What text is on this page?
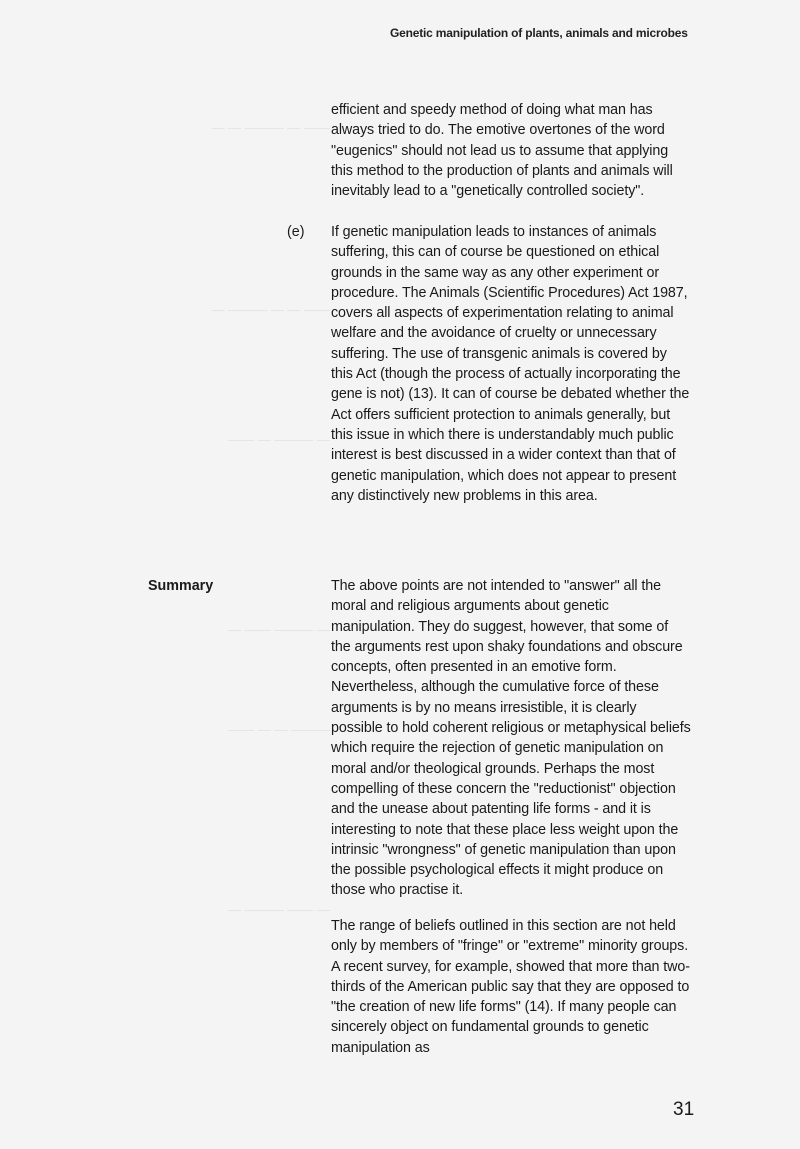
Genetic manipulation of plants, animals and microbes
— — ——— — ——
— ——— — — ——
—— — ——— —
— —— ——— —
—— — — ———
— ——— —— —

efficient and speedy method of doing what man has always tried to do. The emotive overtones of the word "eugenics" should not lead us to assume that applying this method to the production of plants and animals will inevitably lead to a "genetically controlled society".

(e) If genetic manipulation leads to instances of animals suffering, this can of course be questioned on ethical grounds in the same way as any other experiment or procedure. The Animals (Scientific Procedures) Act 1987, covers all aspects of experimentation relating to animal welfare and the avoidance of cruelty or unnecessary suffering. The use of transgenic animals is covered by this Act (though the process of actually incorporating the gene is not) (13). It can of course be debated whether the Act offers sufficient protection to animals generally, but this issue in which there is understandably much public interest is best discussed in a wider context than that of genetic manipulation, which does not appear to present any distinctively new problems in this area.

Summary	The above points are not intended to "answer" all the moral and religious arguments about genetic manipulation. They do suggest, however, that some of the arguments rest upon shaky foundations and obscure concepts, often presented in an emotive form. Nevertheless, although the cumulative force of these arguments is by no means irresistible, it is clearly possible to hold coherent religious or metaphysical beliefs which require the rejection of genetic manipulation on moral and/or theological grounds. Perhaps the most compelling of these concern the "reductionist" objection and the unease about patenting life forms - and it is interesting to note that these place less weight upon the intrinsic "wrongness" of genetic manipulation than upon the possible psychological effects it might produce on those who practise it.

The range of beliefs outlined in this section are not held only by members of "fringe" or "extreme" minority groups. A recent survey, for example, showed that more than two-thirds of the American public say that they are opposed to "the creation of new life forms" (14). If many people can sincerely object on fundamental grounds to genetic manipulation as

31
